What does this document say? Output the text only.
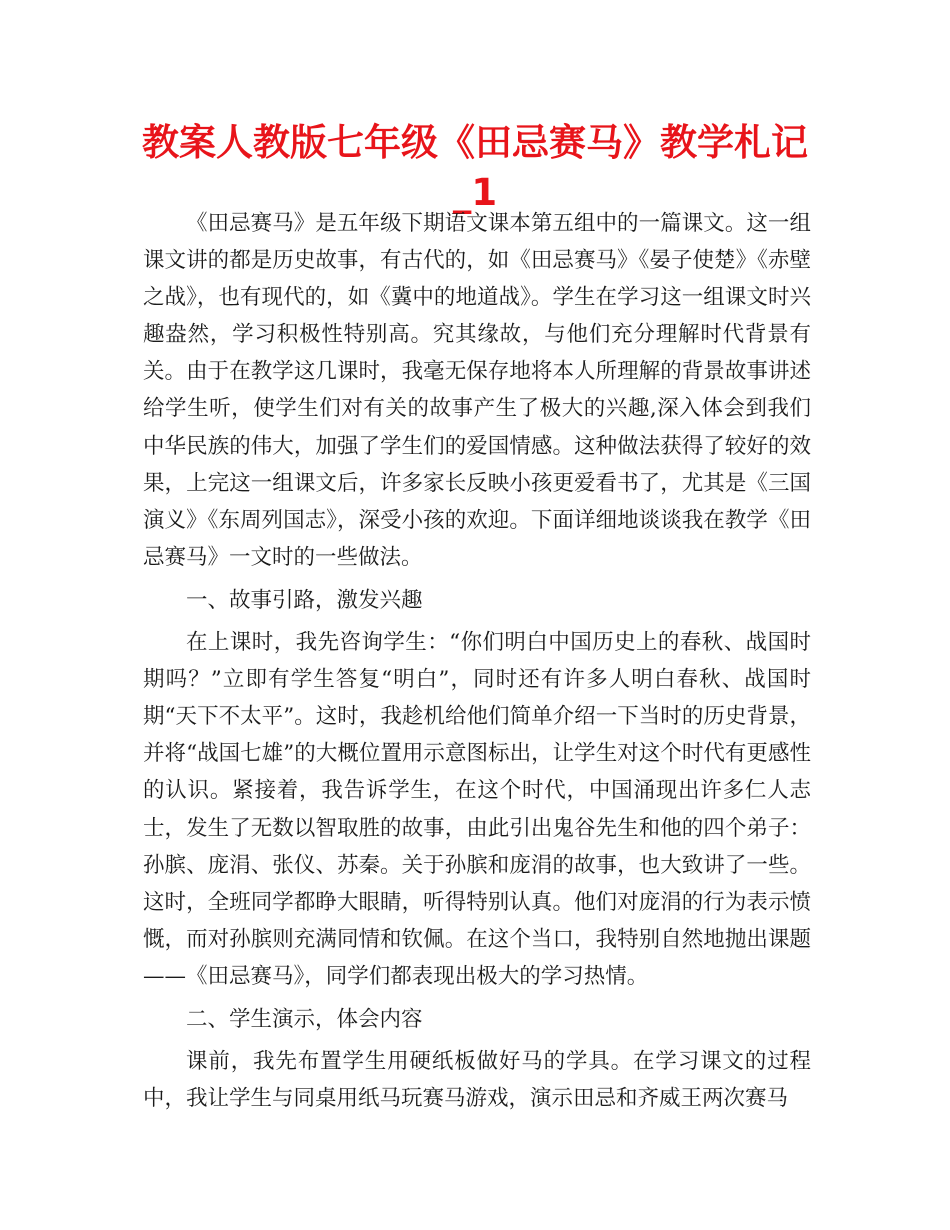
教案人教版七年级《田忌赛马》教学札记_1

《田忌赛马》是五年级下期语文课本第五组中的一篇课文。这一组课文讲的都是历史故事，有古代的，如《田忌赛马》《晏子使楚》《赤壁之战》，也有现代的，如《冀中的地道战》。学生在学习这一组课文时兴趣盎然，学习积极性特别高。究其缘故，与他们充分理解时代背景有关。由于在教学这几课时，我毫无保存地将本人所理解的背景故事讲述给学生听，使学生们对有关的故事产生了极大的兴趣,深入体会到我们中华民族的伟大，加强了学生们的爱国情感。这种做法获得了较好的效果，上完这一组课文后，许多家长反映小孩更爱看书了，尤其是《三国演义》《东周列国志》，深受小孩的欢迎。下面详细地谈谈我在教学《田忌赛马》一文时的一些做法。

一、故事引路，激发兴趣

在上课时，我先咨询学生：“你们明白中国历史上的春秋、战国时期吗？”立即有学生答复“明白”，同时还有许多人明白春秋、战国时期“天下不太平”。这时，我趁机给他们简单介绍一下当时的历史背景，并将“战国七雄”的大概位置用示意图标出，让学生对这个时代有更感性的认识。紧接着，我告诉学生，在这个时代，中国涌现出许多仁人志士，发生了无数以智取胜的故事，由此引出鬼谷先生和他的四个弟子：孙膑、庞涓、张仪、苏秦。关于孙膑和庞涓的故事，也大致讲了一些。这时，全班同学都睁大眼睛，听得特别认真。他们对庞涓的行为表示愤慨，而对孙膑则充满同情和钦佩。在这个当口，我特别自然地抛出课题——《田忌赛马》，同学们都表现出极大的学习热情。

二、学生演示，体会内容

课前，我先布置学生用硬纸板做好马的学具。在学习课文的过程中，我让学生与同桌用纸马玩赛马游戏，演示田忌和齐威王两次赛马
